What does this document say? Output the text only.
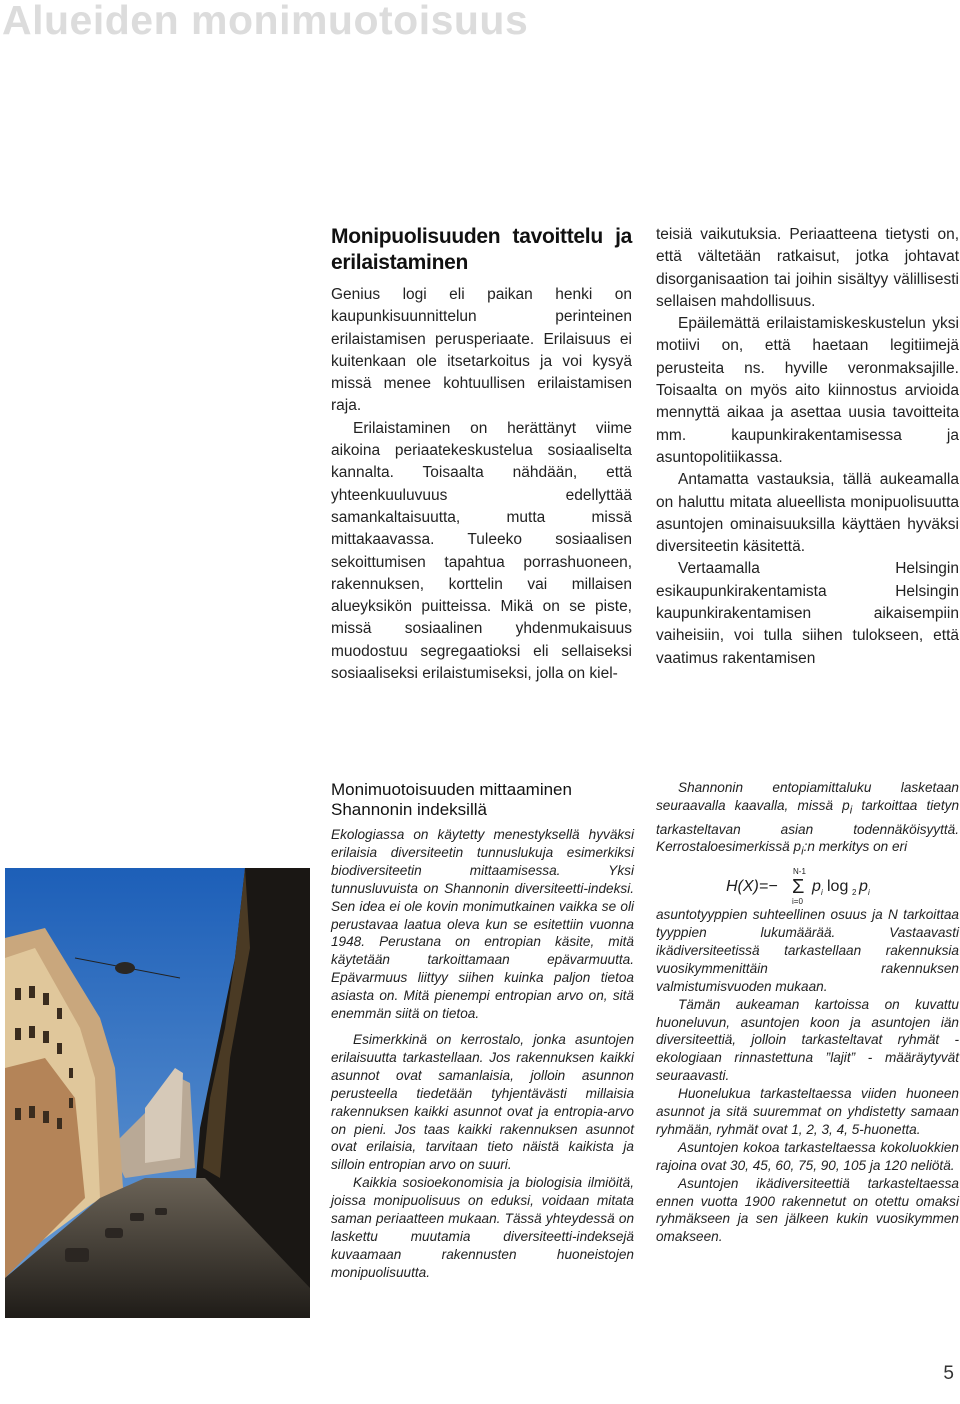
Alueiden monimuotoisuus
Monipuolisuuden tavoittelu ja erilaistaminen

Genius logi eli paikan henki on kaupunkisuunnittelun perinteinen erilaistamisen perusperiaate. Erilaisuus ei kuitenkaan ole itsetarkoitus ja voi kysyä missä menee kohtuullisen erilaistamisen raja.

Erilaistaminen on herättänyt viime aikoina periaatekeskustelua sosiaaliselta kannalta. Toisaalta nähdään, että yhteenkuuluvuus edellyttää samankaltaisuutta, mutta missä mittakaavassa. Tuleeko sosiaalisen sekoittumisen tapahtua porrashuoneen, rakennuksen, korttelin vai millaisen alueyksikön puitteissa. Mikä on se piste, missä sosiaalinen yhdenmukaisuus muodostuu segregaatioksi eli sellaiseksi sosiaaliseksi erilaistumiseksi, jolla on kiel-

teisiä vaikutuksia. Periaatteena tietysti on, että vältetään ratkaisut, jotka johtavat disorganisaation tai joihin sisältyy välillisesti sellaisen mahdollisuus.

Epäilemättä erilaistamiskeskustelun yksi motiivi on, että haetaan legitiimejä perusteita ns. hyville veronmaksajille. Toisaalta on myös aito kiinnostus arvioida mennyttä aikaa ja asettaa uusia tavoitteita mm. kaupunkirakentamisessa ja asuntopolitiikassa.

Antamatta vastauksia, tällä aukeamalla on haluttu mitata alueellista monipuolisuutta asuntojen ominaisuuksilla käyttäen hyväksi diversiteetin käsitettä.

Vertaamalla Helsingin esikaupunkirakentamista Helsingin kaupunkirakentamisen aikaisempiin vaiheisiin, voi tulla siihen tulokseen, että vaatimus rakentamisen

Monimuotoisuuden mittaaminen
Shannonin indeksillä

Ekologiassa on käytetty menestyksellä hyväksi erilaisia diversiteetin tunnuslukuja esimerkiksi biodiversiteetin mittaamisessa. Yksi tunnusluvuista on Shannonin diversiteetti-indeksi. Sen idea ei ole kovin monimutkainen vaikka se oli perustavaa laatua oleva kun se esitettiin vuonna 1948. Perustana on entropian käsite, mitä käytetään tarkoittamaan epävarmuutta. Epävarmuus liittyy siihen kuinka paljon tietoa asiasta on. Mitä pienempi entropian arvo on, sitä enemmän siitä on tietoa.

Esimerkkinä on kerrostalo, jonka asuntojen erilaisuutta tarkastellaan. Jos rakennuksen kaikki asunnot ovat samanlaisia, jolloin asunnon perusteella tiedetään tyhjentävästi millaisia rakennuksen kaikki asunnot ovat ja entropia-arvo on pieni. Jos taas kaikki rakennuksen asunnot ovat erilaisia, tarvitaan tieto näistä kaikista ja silloin entropian arvo on suuri.

Kaikkia sosioekonomisia ja biologisia ilmiöitä, joissa monipuolisuus on eduksi, voidaan mitata saman periaatteen mukaan. Tässä yhteydessä on laskettu muutamia diversiteetti-indeksejä kuvaamaan rakennusten huoneistojen monipuolisuutta.

Shannonin entopiamittaluku lasketaan seuraavalla kaavalla, missä $p_i$ tarkoittaa tietyn tarkasteltavan asian todennäköisyyttä. Kerrostaloesimerkissä $p_i:n$ merkitys on eri

H(X)=−
N-1
Σ
i=0
p i log 2 p i

asuntotyyppien suhteellinen osuus ja N tarkoittaa tyyppien lukumäärää. Vastaavasti ikädiversiteetissä tarkastellaan rakennuksia vuosikymmenittäin rakennuksen valmistumisvuoden mukaan.

Tämän aukeaman kartoissa on kuvattu huoneluvun, asuntojen koon ja asuntojen iän diversiteettiä, jolloin tarkasteltavat ryhmät - ekologiaan rinnastettuna ”lajit” - määräytyvät seuraavasti.

Huonelukua tarkasteltaessa viiden huoneen asunnot ja sitä suuremmat on yhdistetty samaan ryhmään, ryhmät ovat 1, 2, 3, 4, 5-huonetta.

Asuntojen kokoa tarkasteltaessa kokoluokkien rajoina ovat 30, 45, 60, 75, 90, 105 ja 120 neliötä.

Asuntojen ikädiversiteettiä tarkasteltaessa ennen vuotta 1900 rakennetut on otettu omaksi ryhmäkseen ja sen jälkeen kukin vuosikymmen omakseen.

5
